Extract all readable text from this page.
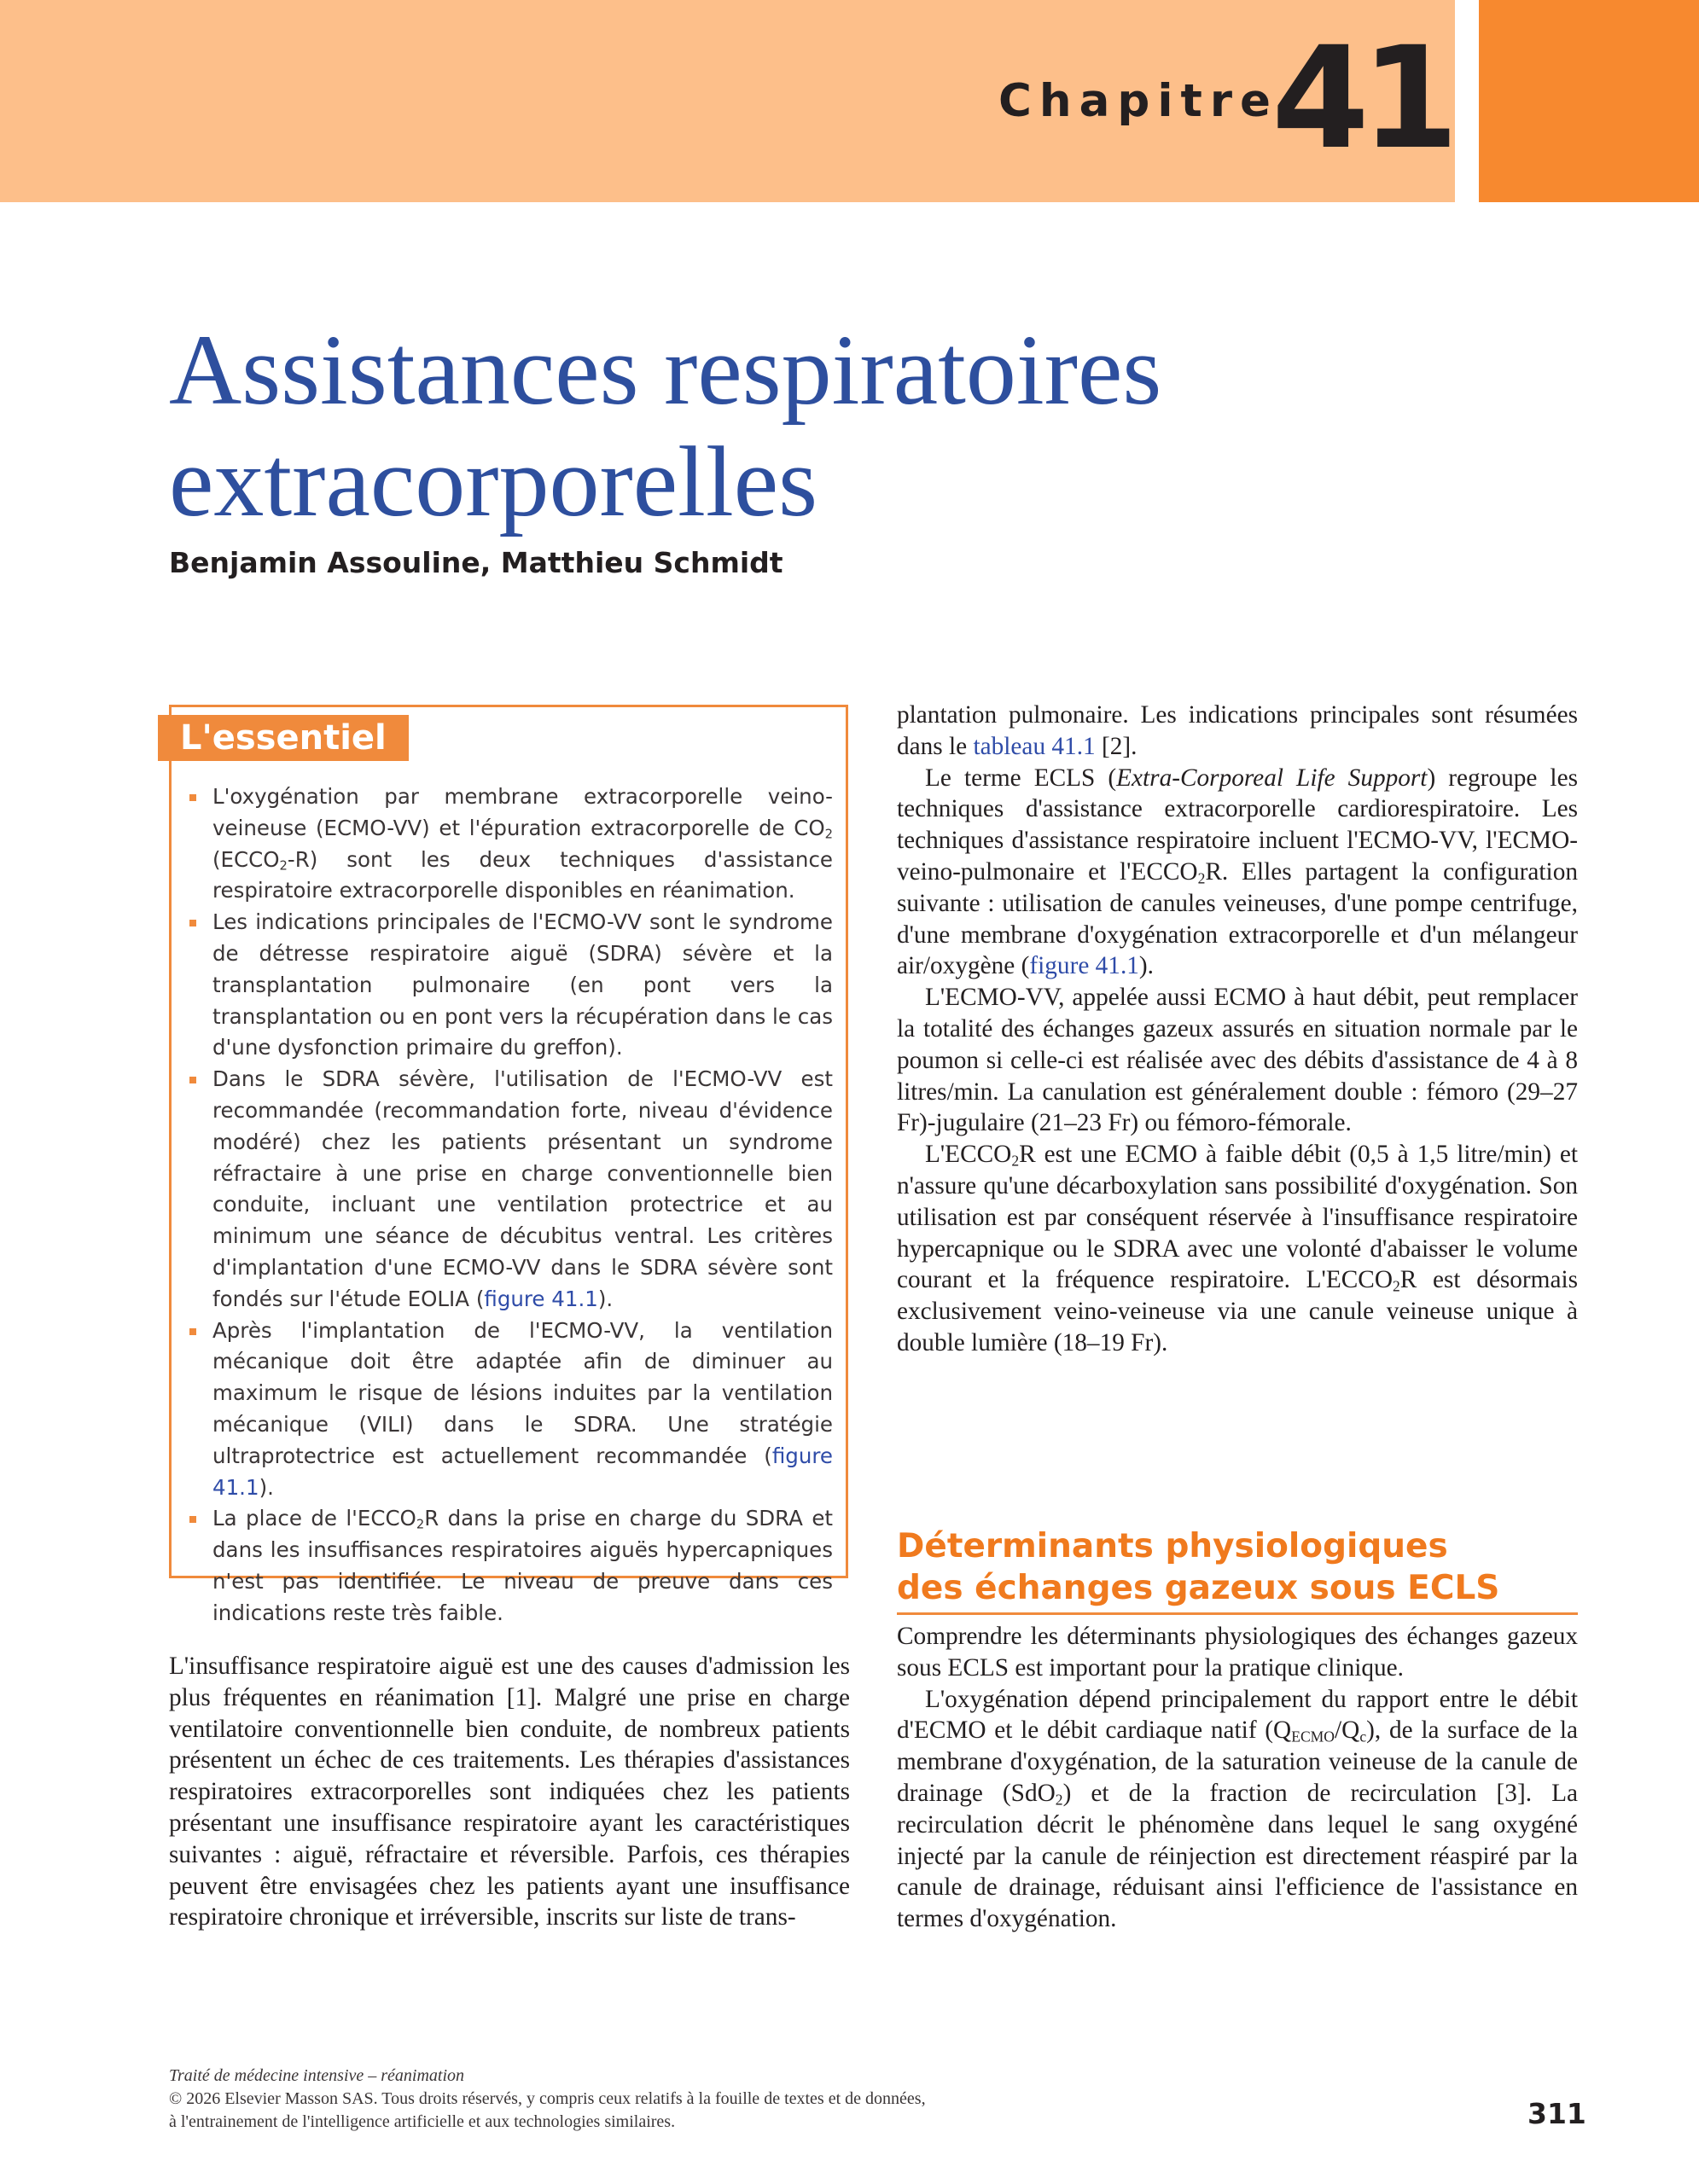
Chapitre
41
Assistances respiratoires
extracorporelles
Benjamin Assouline, Matthieu Schmidt
L'essentiel
L'oxygénation par membrane extracorporelle veino-veineuse (ECMO-VV) et l'épuration extracorporelle de $CO_2$ $(ECCO_2-R)$ sont les deux techniques d'assistance respiratoire extracorporelle disponibles en réanimation.
Les indications principales de l'ECMO-VV sont le syndrome de détresse respiratoire aiguë (SDRA) sévère et la transplantation pulmonaire (en pont vers la transplantation ou en pont vers la récupération dans le cas d'une dysfonction primaire du greffon).
Dans le SDRA sévère, l'utilisation de l'ECMO-VV est recommandée (recommandation forte, niveau d'évidence modéré) chez les patients présentant un syndrome réfractaire à une prise en charge conventionnelle bien conduite, incluant une ventilation protectrice et au minimum une séance de décubitus ventral. Les critères d'implantation d'une ECMO-VV dans le SDRA sévère sont fondés sur l'étude EOLIA (figure 41.1).
Après l'implantation de l'ECMO-VV, la ventilation mécanique doit être adaptée afin de diminuer au maximum le risque de lésions induites par la ventilation mécanique (VILI) dans le SDRA. Une stratégie ultraprotectrice est actuellement recommandée (figure 41.1).
La place de $l'ECCO_2R$ dans la prise en charge du SDRA et dans les insuffisances respiratoires aiguës hypercapniques n'est pas identifiée. Le niveau de preuve dans ces indications reste très faible.

L'insuffisance respiratoire aiguë est une des causes d'admission les plus fréquentes en réanimation [1]. Malgré une prise en charge ventilatoire conventionnelle bien conduite, de nombreux patients présentent un échec de ces traitements. Les thérapies d'assistances respiratoires extracorporelles sont indiquées chez les patients présentant une insuffisance respiratoire ayant les caractéristiques suivantes : aiguë, réfractaire et réversible. Parfois, ces thérapies peuvent être envisagées chez les patients ayant une insuffisance respiratoire chronique et irréversible, inscrits sur liste de trans-

plantation pulmonaire. Les indications principales sont résumées dans le tableau 41.1 [2].

Le terme ECLS (Extra-Corporeal Life Support) regroupe les techniques d'assistance extracorporelle cardiorespiratoire. Les techniques d'assistance respiratoire incluent l'ECMO-VV, l'ECMO-veino-pulmonaire et $l'ECCO_2R$. Elles partagent la configuration suivante : utilisation de canules veineuses, d'une pompe centrifuge, d'une membrane d'oxygénation extracorporelle et d'un mélangeur air/oxygène (figure 41.1).

L'ECMO-VV, appelée aussi ECMO à haut débit, peut remplacer la totalité des échanges gazeux assurés en situation normale par le poumon si celle-ci est réalisée avec des débits d'assistance de 4 à 8 litres/min. La canulation est généralement double : fémoro (29–27 Fr)-jugulaire (21–23 Fr) ou fémoro-fémorale.

$L'ECCO_2R$ est une ECMO à faible débit (0,5 à 1,5 litre/min) et n'assure qu'une décarboxylation sans possibilité d'oxygénation. Son utilisation est par conséquent réservée à l'insuffisance respiratoire hypercapnique ou le SDRA avec une volonté d'abaisser le volume courant et la fréquence respiratoire. $L'ECCO_2R$ est désormais exclusivement veino-veineuse via une canule veineuse unique à double lumière (18–19 Fr).

Déterminants physiologiques
des échanges gazeux sous ECLS

Comprendre les déterminants physiologiques des échanges gazeux sous ECLS est important pour la pratique clinique.

L'oxygénation dépend principalement du rapport entre le débit d'ECMO et le débit cardiaque natif $(Q_{ECMO}/Q_c)$, de la surface de la membrane d'oxygénation, de la saturation veineuse de la canule de drainage (SdO$_2$) et de la fraction de recirculation [3]. La recirculation décrit le phénomène dans lequel le sang oxygéné injecté par la canule de réinjection est directement réaspiré par la canule de drainage, réduisant ainsi l'efficience de l'assistance en termes d'oxygénation.

Traité de médecine intensive – réanimation
© 2026 Elsevier Masson SAS. Tous droits réservés, y compris ceux relatifs à la fouille de textes et de données,
à l'entrainement de l'intelligence artificielle et aux technologies similaires.	311
